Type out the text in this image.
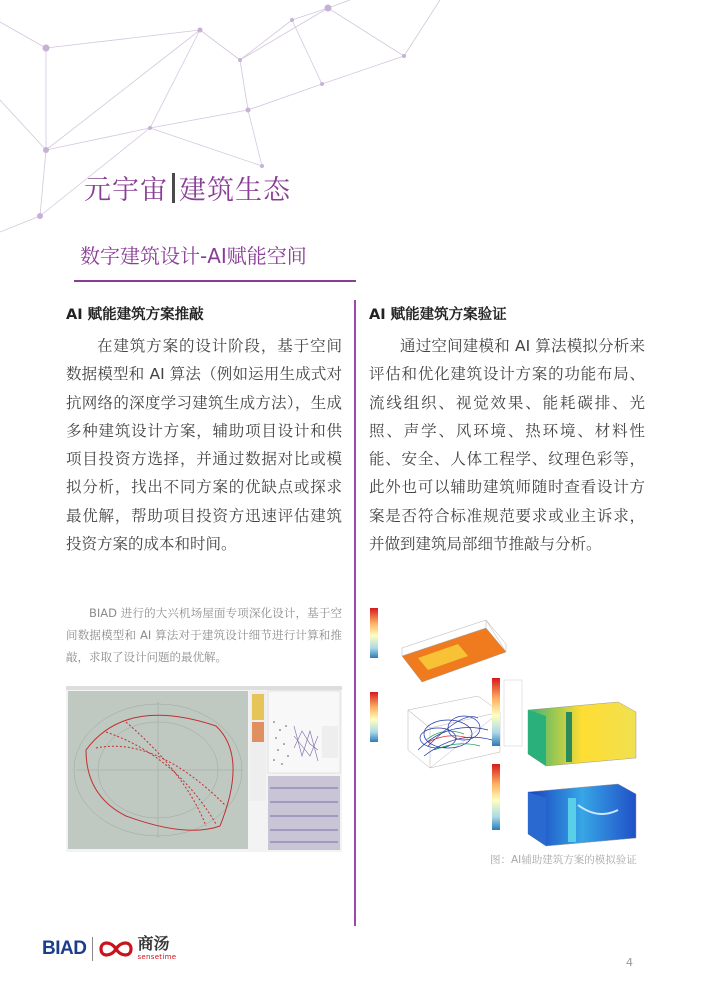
元宇宙 建筑生态
数字建筑设计-AI赋能空间
AI 赋能建筑方案推敲

在建筑方案的设计阶段，基于空间数据模型和 AI 算法（例如运用生成式对抗网络的深度学习建筑生成方法），生成多种建筑设计方案，辅助项目设计和供项目投资方选择，并通过数据对比或模拟分析，找出不同方案的优缺点或探求最优解，帮助项目投资方迅速评估建筑投资方案的成本和时间。

BIAD 进行的大兴机场屋面专项深化设计，基于空间数据模型和 AI 算法对于建筑设计细节进行计算和推敲，求取了设计问题的最优解。

AI 赋能建筑方案验证

通过空间建模和 AI 算法模拟分析来评估和优化建筑设计方案的功能布局、流线组织、视觉效果、能耗碳排、光照、声学、风环境、热环境、材料性能、安全、人体工程学、纹理色彩等，此外也可以辅助建筑师随时查看设计方案是否符合标准规范要求或业主诉求，并做到建筑局部细节推敲与分析。

图：AI辅助建筑方案的模拟验证

BIAD	商汤
sensetime	4
